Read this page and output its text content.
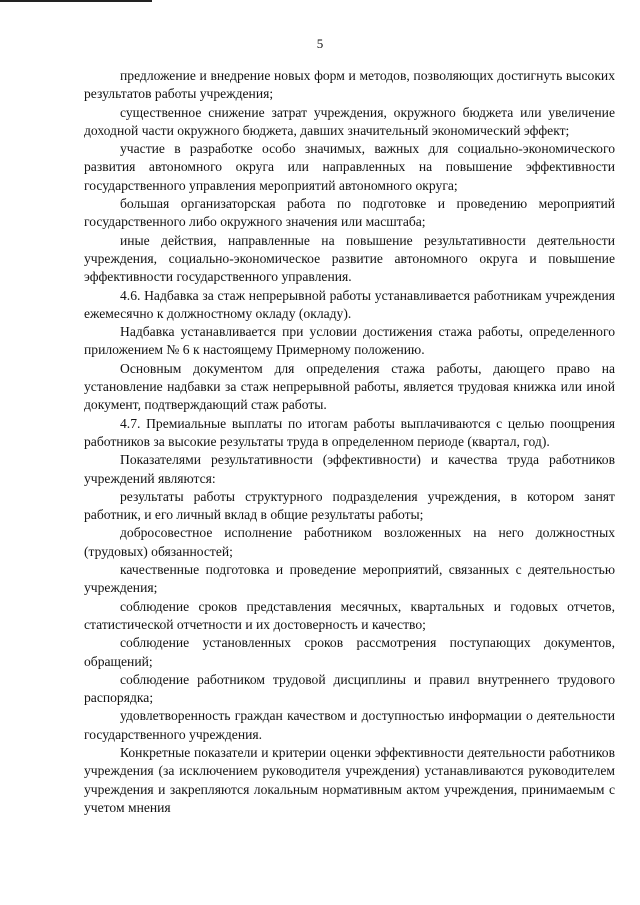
5

предложение и внедрение новых форм и методов, позволяющих достигнуть высоких результатов работы учреждения;

существенное снижение затрат учреждения, окружного бюджета или увеличение доходной части окружного бюджета, давших значительный экономический эффект;

участие в разработке особо значимых, важных для социально-экономического развития автономного округа или направленных на повышение эффективности государственного управления мероприятий автономного округа;

большая организаторская работа по подготовке и проведению мероприятий государственного либо окружного значения или масштаба;

иные действия, направленные на повышение результативности деятельности учреждения, социально-экономическое развитие автономного округа и повышение эффективности государственного управления.

4.6. Надбавка за стаж непрерывной работы устанавливается работникам учреждения ежемесячно к должностному окладу (окладу).

Надбавка устанавливается при условии достижения стажа работы, определенного приложением № 6 к настоящему Примерному положению.

Основным документом для определения стажа работы, дающего право на установление надбавки за стаж непрерывной работы, является трудовая книжка или иной документ, подтверждающий стаж работы.

4.7. Премиальные выплаты по итогам работы выплачиваются с целью поощрения работников за высокие результаты труда в определенном периоде (квартал, год).

Показателями результативности (эффективности) и качества труда работников учреждений являются:

результаты работы структурного подразделения учреждения, в котором занят работник, и его личный вклад в общие результаты работы;

добросовестное исполнение работником возложенных на него должностных (трудовых) обязанностей;

качественные подготовка и проведение мероприятий, связанных с деятельностью учреждения;

соблюдение сроков представления месячных, квартальных и годовых отчетов, статистической отчетности и их достоверность и качество;

соблюдение установленных сроков рассмотрения поступающих документов, обращений;

соблюдение работником трудовой дисциплины и правил внутреннего трудового распорядка;

удовлетворенность граждан качеством и доступностью информации о деятельности государственного учреждения.

Конкретные показатели и критерии оценки эффективности деятельности работников учреждения (за исключением руководителя учреждения) устанавливаются руководителем учреждения и закрепляются локальным нормативным актом учреждения, принимаемым с учетом мнения
